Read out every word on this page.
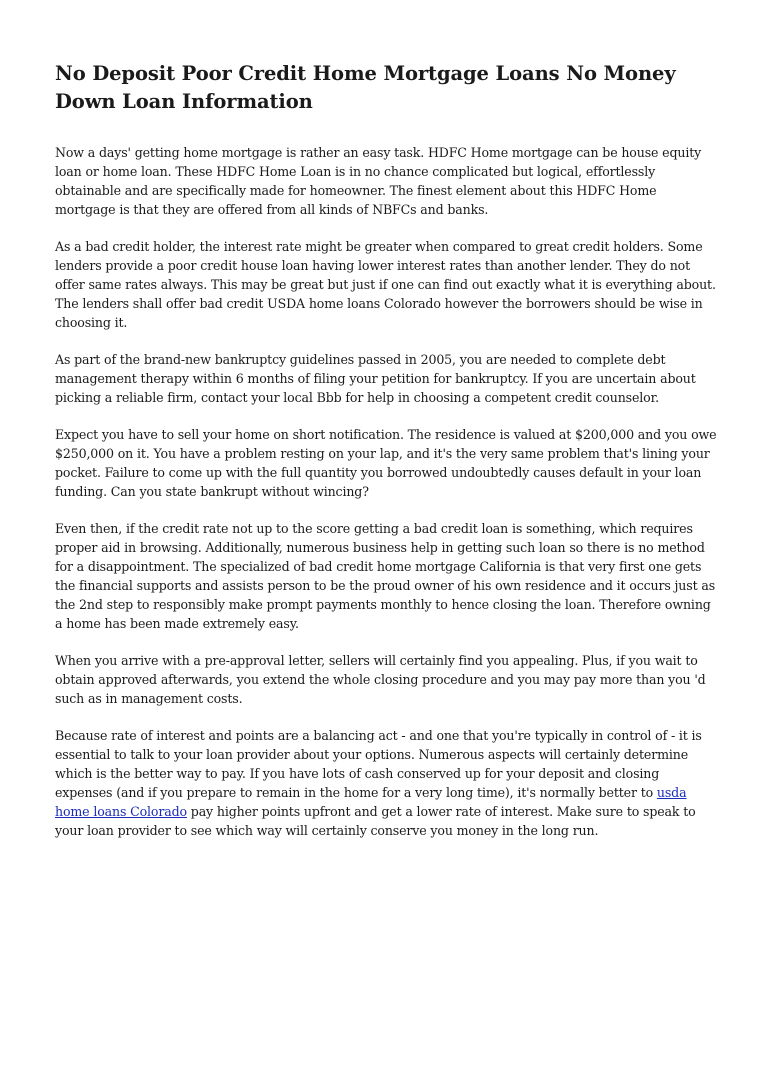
No Deposit Poor Credit Home Mortgage Loans No Money Down Loan Information

Now a days' getting home mortgage is rather an easy task. HDFC Home mortgage can be house equity loan or home loan. These HDFC Home Loan is in no chance complicated but logical, effortlessly obtainable and are specifically made for homeowner. The finest element about this HDFC Home mortgage is that they are offered from all kinds of NBFCs and banks.

As a bad credit holder, the interest rate might be greater when compared to great credit holders. Some lenders provide a poor credit house loan having lower interest rates than another lender. They do not offer same rates always. This may be great but just if one can find out exactly what it is everything about. The lenders shall offer bad credit USDA home loans Colorado however the borrowers should be wise in choosing it.

As part of the brand-new bankruptcy guidelines passed in 2005, you are needed to complete debt management therapy within 6 months of filing your petition for bankruptcy. If you are uncertain about picking a reliable firm, contact your local Bbb for help in choosing a competent credit counselor.

Expect you have to sell your home on short notification. The residence is valued at $200,000 and you owe $250,000 on it. You have a problem resting on your lap, and it's the very same problem that's lining your pocket. Failure to come up with the full quantity you borrowed undoubtedly causes default in your loan funding. Can you state bankrupt without wincing?

Even then, if the credit rate not up to the score getting a bad credit loan is something, which requires proper aid in browsing. Additionally, numerous business help in getting such loan so there is no method for a disappointment. The specialized of bad credit home mortgage California is that very first one gets the financial supports and assists person to be the proud owner of his own residence and it occurs just as the 2nd step to responsibly make prompt payments monthly to hence closing the loan. Therefore owning a home has been made extremely easy.

When you arrive with a pre-approval letter, sellers will certainly find you appealing. Plus, if you wait to obtain approved afterwards, you extend the whole closing procedure and you may pay more than you 'd such as in management costs.

Because rate of interest and points are a balancing act - and one that you're typically in control of - it is essential to talk to your loan provider about your options. Numerous aspects will certainly determine which is the better way to pay. If you have lots of cash conserved up for your deposit and closing expenses (and if you prepare to remain in the home for a very long time), it's normally better to usda home loans Colorado pay higher points upfront and get a lower rate of interest. Make sure to speak to your loan provider to see which way will certainly conserve you money in the long run.
